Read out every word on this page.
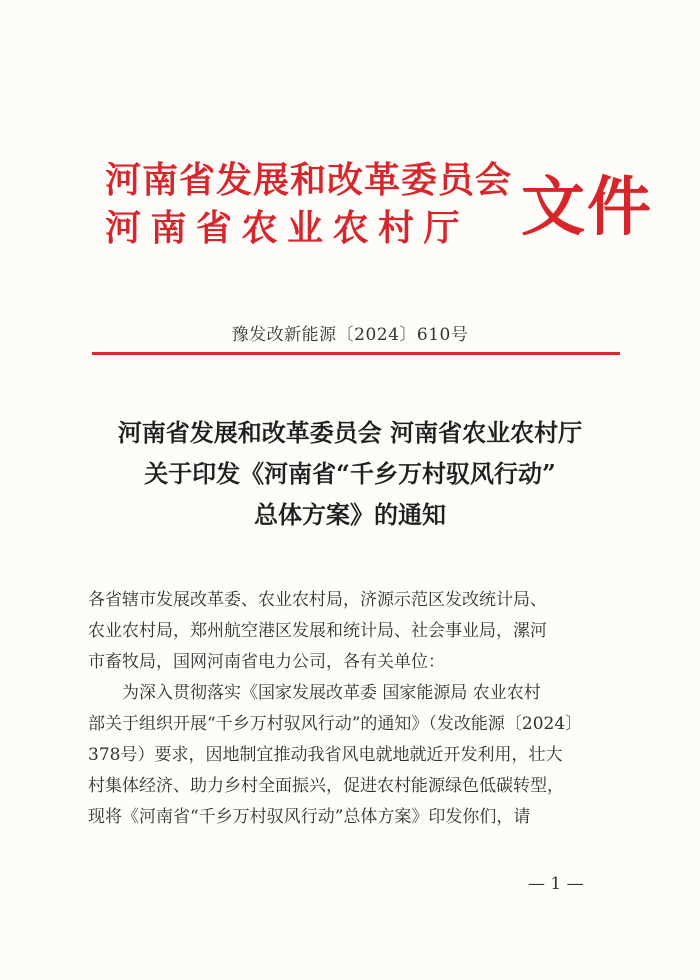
河南省发展和改革委员会
河南省农业农村厅 文件
豫发改新能源〔2024〕610号
河南省发展和改革委员会 河南省农业农村厅
关于印发《河南省“千乡万村驭风行动”
总体方案》的通知
各省辖市发展改革委、农业农村局，济源示范区发改统计局、
农业农村局，郑州航空港区发展和统计局、社会事业局，漯河
市畜牧局，国网河南省电力公司，各有关单位：
为深入贯彻落实《国家发展改革委 国家能源局 农业农村
部关于组织开展“千乡万村驭风行动”的通知》（发改能源〔2024〕
378号）要求，因地制宜推动我省风电就地就近开发利用，壮大
村集体经济、助力乡村全面振兴，促进农村能源绿色低碳转型，
现将《河南省“千乡万村驭风行动”总体方案》印发你们，请
— 1 —
